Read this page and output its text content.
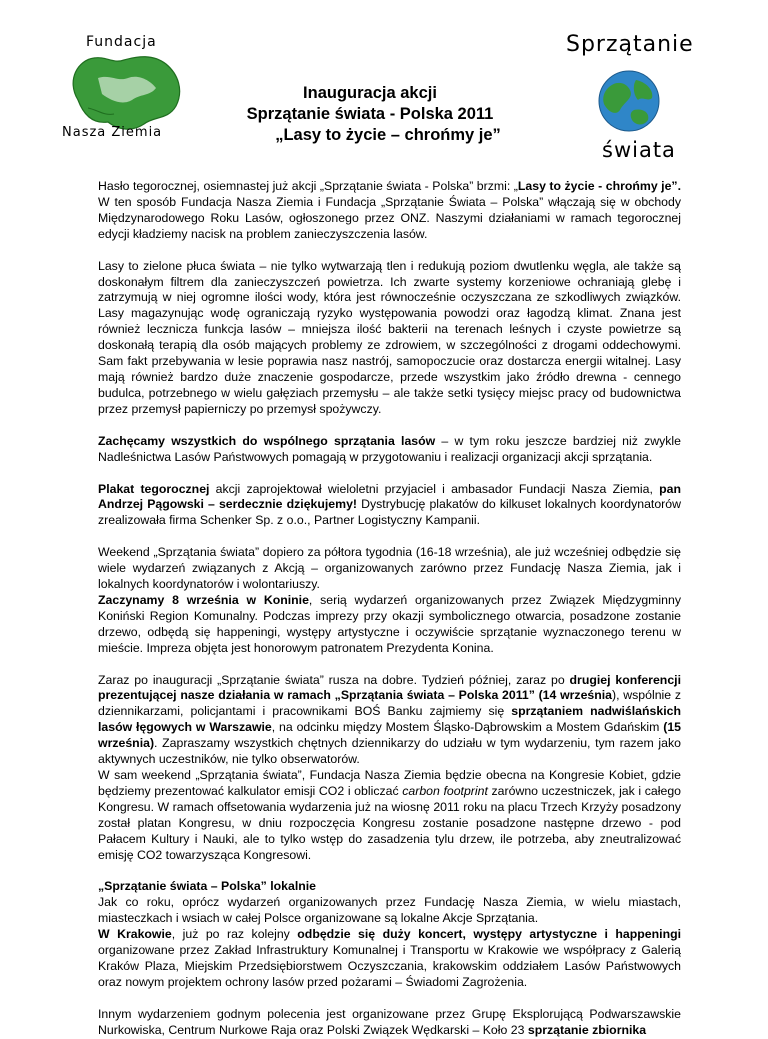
Fundacja
Nasza Ziemia
Sprzątanie
świata
Inauguracja akcji
Sprzątanie świata - Polska 2011
„Lasy to życie – chrońmy je”

Hasło tegorocznej, osiemnastej już akcji „Sprzątanie świata - Polska” brzmi: „Lasy to życie - chrońmy je”. W ten sposób Fundacja Nasza Ziemia i Fundacja „Sprzątanie Świata – Polska” włączają się w obchody Międzynarodowego Roku Lasów, ogłoszonego przez ONZ. Naszymi działaniami w ramach tegorocznej edycji kładziemy nacisk na problem zanieczyszczenia lasów.

Lasy to zielone płuca świata – nie tylko wytwarzają tlen i redukują poziom dwutlenku węgla, ale także są doskonałym filtrem dla zanieczyszczeń powietrza. Ich zwarte systemy korzeniowe ochraniają glebę i zatrzymują w niej ogromne ilości wody, która jest równocześnie oczyszczana ze szkodliwych związków. Lasy magazynując wodę ograniczają ryzyko występowania powodzi oraz łagodzą klimat. Znana jest również lecznicza funkcja lasów – mniejsza ilość bakterii na terenach leśnych i czyste powietrze są doskonałą terapią dla osób mających problemy ze zdrowiem, w szczególności z drogami oddechowymi. Sam fakt przebywania w lesie poprawia nasz nastrój, samopoczucie oraz dostarcza energii witalnej. Lasy mają również bardzo duże znaczenie gospodarcze, przede wszystkim jako źródło drewna - cennego budulca, potrzebnego w wielu gałęziach przemysłu – ale także setki tysięcy miejsc pracy od budownictwa przez przemysł papierniczy po przemysł spożywczy.

Zachęcamy wszystkich do wspólnego sprzątania lasów – w tym roku jeszcze bardziej niż zwykle Nadleśnictwa Lasów Państwowych pomagają w przygotowaniu i realizacji organizacji akcji sprzątania.

Plakat tegorocznej akcji zaprojektował wieloletni przyjaciel i ambasador Fundacji Nasza Ziemia, pan Andrzej Pągowski – serdecznie dziękujemy! Dystrybucję plakatów do kilkuset lokalnych koordynatorów zrealizowała firma Schenker Sp. z o.o., Partner Logistyczny Kampanii.

Weekend „Sprzątania świata” dopiero za półtora tygodnia (16-18 września), ale już wcześniej odbędzie się wiele wydarzeń związanych z Akcją – organizowanych zarówno przez Fundację Nasza Ziemia, jak i lokalnych koordynatorów i wolontariuszy.

Zaczynamy 8 września w Koninie, serią wydarzeń organizowanych przez Związek Międzygminny Koniński Region Komunalny. Podczas imprezy przy okazji symbolicznego otwarcia, posadzone zostanie drzewo, odbędą się happeningi, występy artystyczne i oczywiście sprzątanie wyznaczonego terenu w mieście. Impreza objęta jest honorowym patronatem Prezydenta Konina.

Zaraz po inauguracji „Sprzątanie świata” rusza na dobre. Tydzień później, zaraz po drugiej konferencji prezentującej nasze działania w ramach „Sprzątania świata – Polska 2011” (14 września), wspólnie z dziennikarzami, policjantami i pracownikami BOŚ Banku zajmiemy się sprzątaniem nadwiślańskich lasów łęgowych w Warszawie, na odcinku między Mostem Śląsko-Dąbrowskim a Mostem Gdańskim (15 września). Zapraszamy wszystkich chętnych dziennikarzy do udziału w tym wydarzeniu, tym razem jako aktywnych uczestników, nie tylko obserwatorów.

W sam weekend „Sprzątania świata”, Fundacja Nasza Ziemia będzie obecna na Kongresie Kobiet, gdzie będziemy prezentować kalkulator emisji CO2 i obliczać carbon footprint zarówno uczestniczek, jak i całego Kongresu. W ramach offsetowania wydarzenia już na wiosnę 2011 roku na placu Trzech Krzyży posadzony został platan Kongresu, w dniu rozpoczęcia Kongresu zostanie posadzone następne drzewo - pod Pałacem Kultury i Nauki, ale to tylko wstęp do zasadzenia tylu drzew, ile potrzeba, aby zneutralizować emisję CO2 towarzysząca Kongresowi.

„Sprzątanie świata – Polska” lokalnie

Jak co roku, oprócz wydarzeń organizowanych przez Fundację Nasza Ziemia, w wielu miastach, miasteczkach i wsiach w całej Polsce organizowane są lokalne Akcje Sprzątania.

W Krakowie, już po raz kolejny odbędzie się duży koncert, występy artystyczne i happeningi organizowane przez Zakład Infrastruktury Komunalnej i Transportu w Krakowie we współpracy z Galerią Kraków Plaza, Miejskim Przedsiębiorstwem Oczyszczania, krakowskim oddziałem Lasów Państwowych oraz nowym projektem ochrony lasów przed pożarami – Świadomi Zagrożenia.

Innym wydarzeniem godnym polecenia jest organizowane przez Grupę Eksplorującą Podwarszawskie Nurkowiska, Centrum Nurkowe Raja oraz Polski Związek Wędkarski – Koło 23 sprzątanie zbiornika
